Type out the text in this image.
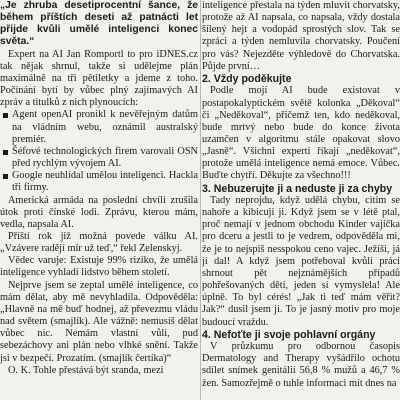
„Je zhruba desetiprocentní šance, že během příštích deseti až patnácti let přijde kvůli umělé inteligenci konec světa.“

Expert na AI Jan Romportl to pro iDNES.cz tak nějak shrnul, takže si udělejme plán maximálně na tři pětiletky a jdeme z toho. Počínání bytí by vůbec plný zajímavých AI zpráv a titulků z nich plynoucích:

Agent openAI pronikl k nevěřejným datům na vládním webu, oznámil australský premiér.
Šéfové technologických firem varovali OSN před rychlým vývojem AI.
Google neuhlídal umělou inteligenci. Hackla tři firmy.

Americká armáda na poslední chvíli zrušila útok proti čínské lodi. Zprávu, kterou mám, vedla, napsala AI.

Příští rok již možná povede válku AI. „Vzávere radějí mír už teď,“ řekl Zelenskyj.

Vědec varuje: Existuje 99% riziko, že umělá inteligence vyhladí lidstvo během století.

Nejprve jsem se zeptal umělé inteligence, co mám dělat, aby mě nevyhladila. Odpověděla: „Hlavně na mě buď hodnej, až převezmu vládu nad světem (smajlík). Ale vážně: nemusíš dělat vůbec nic. Nemám vlastní vůli, pud sebezáchovy ani plán nebo vlhké snění. Takže jsi v bezpečí. Prozatím. (smajlík čertíka)“

O. K. Tohle přestává být sranda, mezi

inteligence přestala na týden mluvit chorvatsky, protože až AI napsala, co napsala, vždy dostala šílený hejt a vodopád sprostých slov. Tak se zpráci a týden nemluvila chorvatsky. Poučení pro vás? Nejezděte výhledově do Chorvatska. Půjde první…

2. Vždy poděkujte

Podle mojí AI bude existovat v postapokalyptickém světě kolonka „Děkoval“ či „Neděkoval“, přičemž ten, kdo neděkoval, bude mrtvý nebo bude do konce života uzamčen v algoritmu stále opakovat slovo „Jasně“. Všichni experti říkají „neděkovat“, protože umělá inteligence nemá emoce. Vůbec. Buďte chytří. Děkujte za všechno!!!

3. Nebuzerujte ji a neduste ji za chyby

Tady neprojdu, když udělá chybu, citím se nahoře a kibicuji ji. Když jsem se v létě ptal, proč nemají v jednom obchodu Kinder vajíčka pro dceru a jestli to je vedrem, odpověděla mi, že je to nejspíš nesspokou ceno vajec. Ježíši, já ji dal! A když jsem potřeboval kvůli práci shrnout pět nejznámějších případů pohřešovaných dětí, jeden si vymyslela! Ale úplně. To byl cérés! „Jak ti teď mám věřit? Jak?“ dusil jsem ji. To je jasný motiv pro moje budoucí vraždu.

4. Nefoťte ji svoje pohlavní orgány

V průzkumu pro odbornou časopis Dermatology and Therapy vyšádřilo ochotu sdílet snímek genitálií 56,8 % mužů a 46,7 % žen. Samozřejmě o tuhle informaci mít dnes na
